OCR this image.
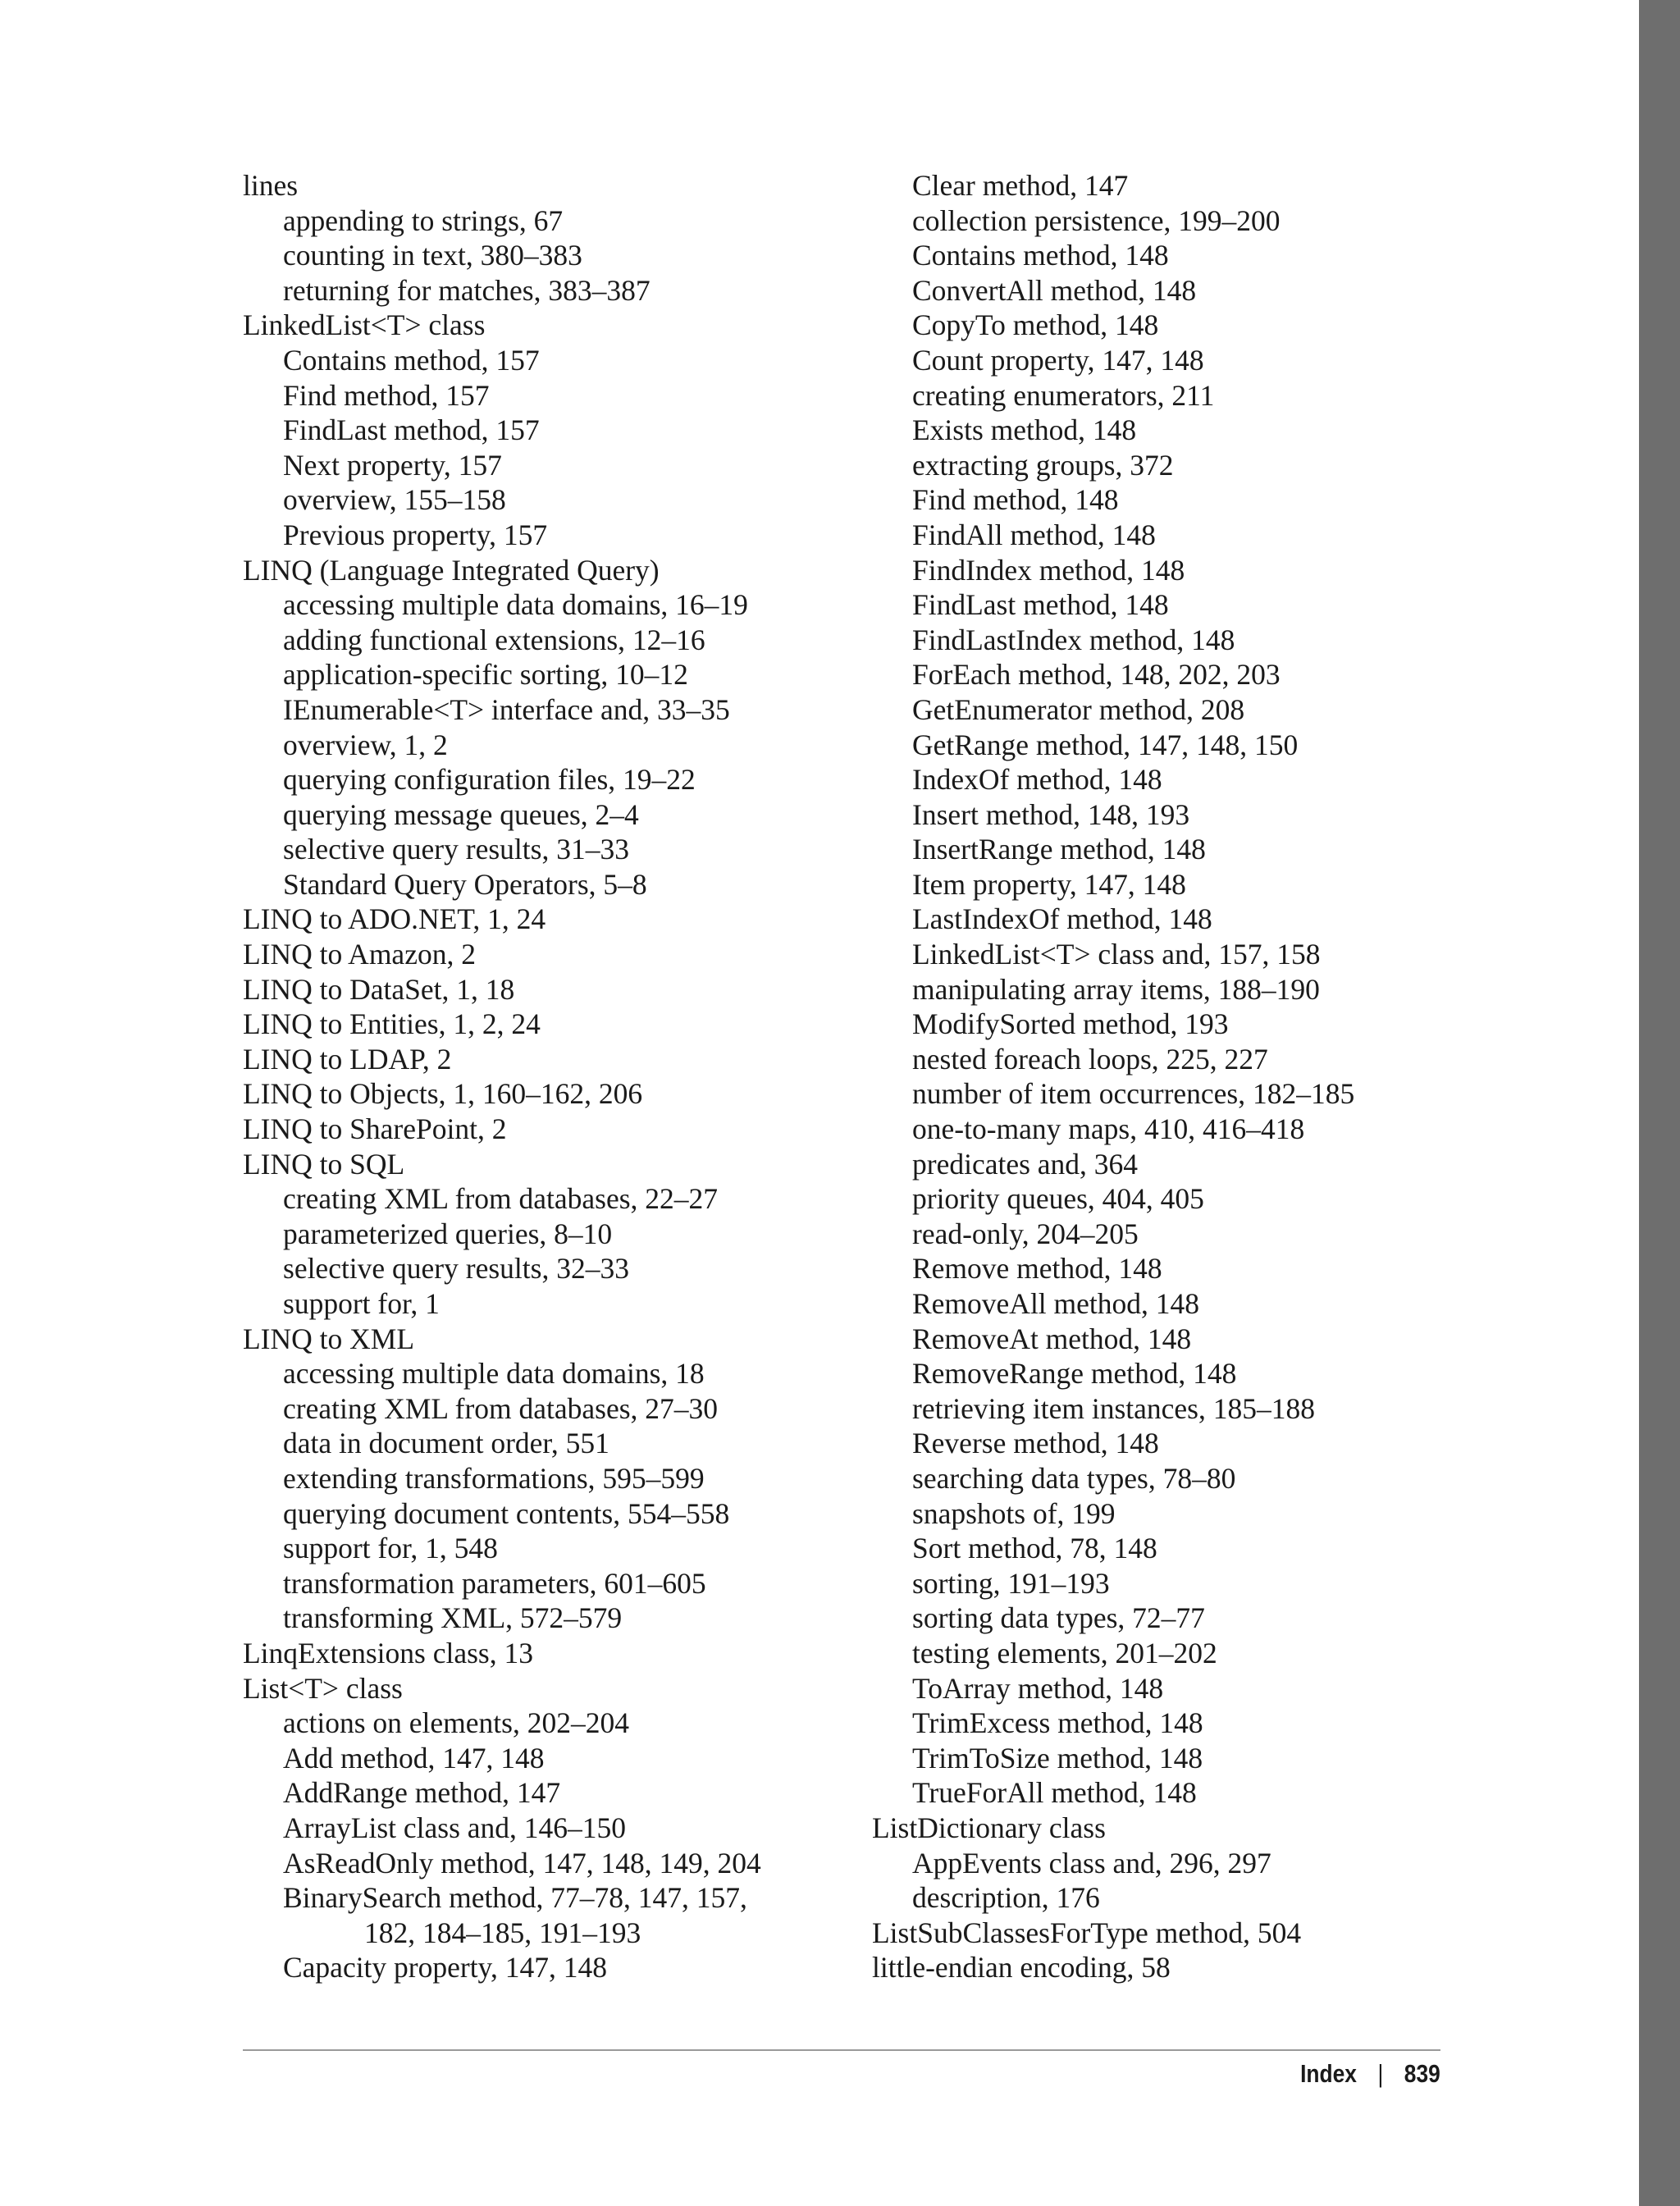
lines
appending to strings, 67
counting in text, 380–383
returning for matches, 383–387
LinkedList<T> class
Contains method, 157
Find method, 157
FindLast method, 157
Next property, 157
overview, 155–158
Previous property, 157
LINQ (Language Integrated Query)
accessing multiple data domains, 16–19
adding functional extensions, 12–16
application-specific sorting, 10–12
IEnumerable<T> interface and, 33–35
overview, 1, 2
querying configuration files, 19–22
querying message queues, 2–4
selective query results, 31–33
Standard Query Operators, 5–8
LINQ to ADO.NET, 1, 24
LINQ to Amazon, 2
LINQ to DataSet, 1, 18
LINQ to Entities, 1, 2, 24
LINQ to LDAP, 2
LINQ to Objects, 1, 160–162, 206
LINQ to SharePoint, 2
LINQ to SQL
creating XML from databases, 22–27
parameterized queries, 8–10
selective query results, 32–33
support for, 1
LINQ to XML
accessing multiple data domains, 18
creating XML from databases, 27–30
data in document order, 551
extending transformations, 595–599
querying document contents, 554–558
support for, 1, 548
transformation parameters, 601–605
transforming XML, 572–579
LinqExtensions class, 13
List<T> class
actions on elements, 202–204
Add method, 147, 148
AddRange method, 147
ArrayList class and, 146–150
AsReadOnly method, 147, 148, 149, 204
BinarySearch method, 77–78, 147, 157,
182, 184–185, 191–193
Capacity property, 147, 148
Clear method, 147
collection persistence, 199–200
Contains method, 148
ConvertAll method, 148
CopyTo method, 148
Count property, 147, 148
creating enumerators, 211
Exists method, 148
extracting groups, 372
Find method, 148
FindAll method, 148
FindIndex method, 148
FindLast method, 148
FindLastIndex method, 148
ForEach method, 148, 202, 203
GetEnumerator method, 208
GetRange method, 147, 148, 150
IndexOf method, 148
Insert method, 148, 193
InsertRange method, 148
Item property, 147, 148
LastIndexOf method, 148
LinkedList<T> class and, 157, 158
manipulating array items, 188–190
ModifySorted method, 193
nested foreach loops, 225, 227
number of item occurrences, 182–185
one-to-many maps, 410, 416–418
predicates and, 364
priority queues, 404, 405
read-only, 204–205
Remove method, 148
RemoveAll method, 148
RemoveAt method, 148
RemoveRange method, 148
retrieving item instances, 185–188
Reverse method, 148
searching data types, 78–80
snapshots of, 199
Sort method, 78, 148
sorting, 191–193
sorting data types, 72–77
testing elements, 201–202
ToArray method, 148
TrimExcess method, 148
TrimToSize method, 148
TrueForAll method, 148
ListDictionary class
AppEvents class and, 296, 297
description, 176
ListSubClassesForType method, 504
little-endian encoding, 58
Index | 839
